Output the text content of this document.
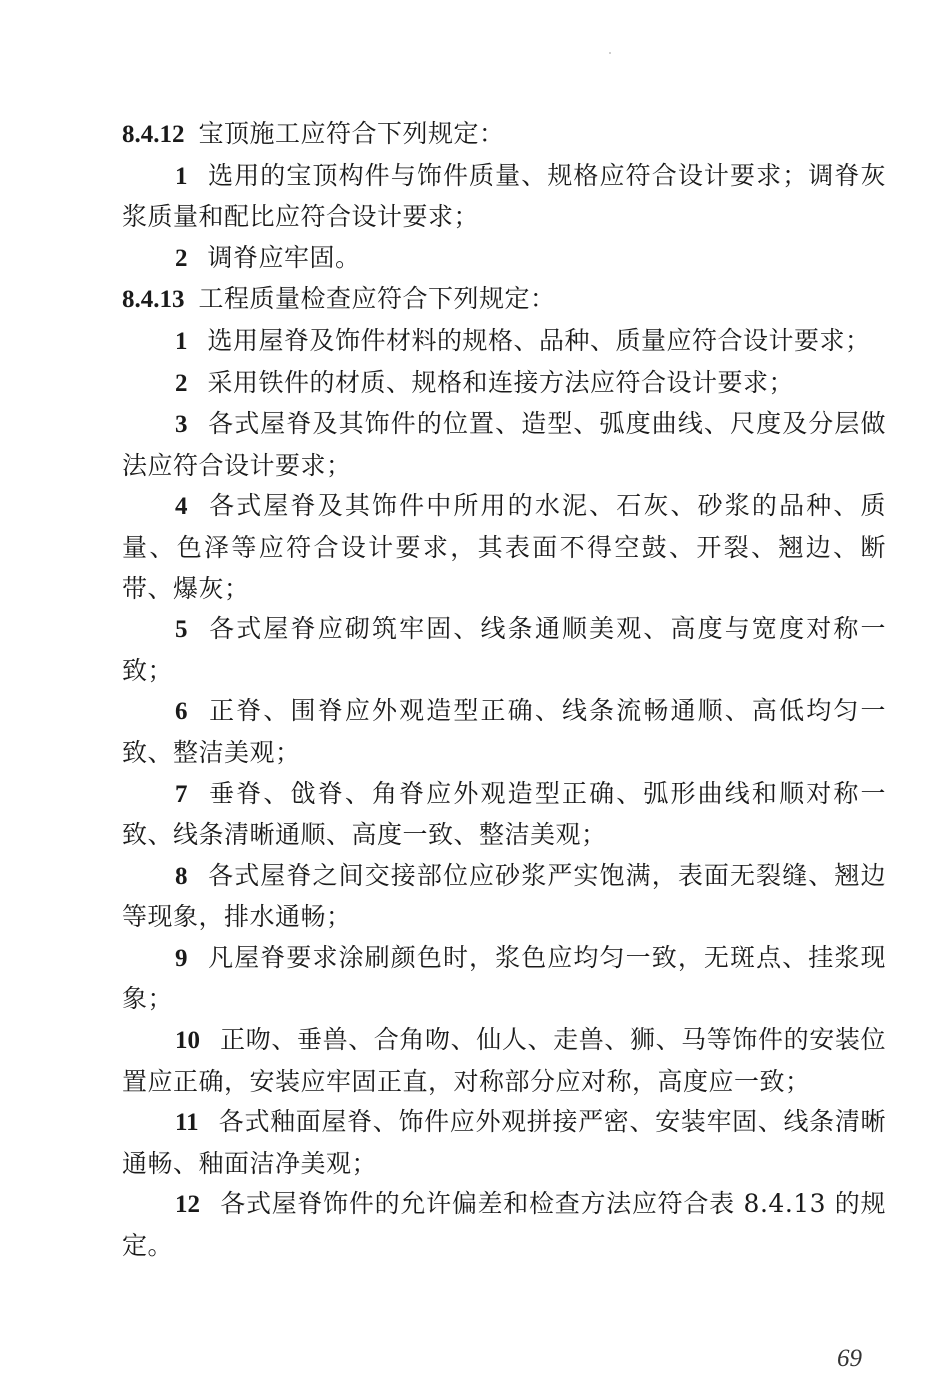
8.4.12 宝顶施工应符合下列规定：

1 选用的宝顶构件与饰件质量、规格应符合设计要求；调脊灰浆质量和配比应符合设计要求；

2 调脊应牢固。

8.4.13 工程质量检查应符合下列规定：

1 选用屋脊及饰件材料的规格、品种、质量应符合设计要求；

2 采用铁件的材质、规格和连接方法应符合设计要求；

3 各式屋脊及其饰件的位置、造型、弧度曲线、尺度及分层做法应符合设计要求；

4 各式屋脊及其饰件中所用的水泥、石灰、砂浆的品种、质量、色泽等应符合设计要求，其表面不得空鼓、开裂、翘边、断带、爆灰；

5 各式屋脊应砌筑牢固、线条通顺美观、高度与宽度对称一致；

6 正脊、围脊应外观造型正确、线条流畅通顺、高低均匀一致、整洁美观；

7 垂脊、戗脊、角脊应外观造型正确、弧形曲线和顺对称一致、线条清晰通顺、高度一致、整洁美观；

8 各式屋脊之间交接部位应砂浆严实饱满，表面无裂缝、翘边等现象，排水通畅；

9 凡屋脊要求涂刷颜色时，浆色应均匀一致，无斑点、挂浆现象；

10 正吻、垂兽、合角吻、仙人、走兽、狮、马等饰件的安装位置应正确，安装应牢固正直，对称部分应对称，高度应一致；

11 各式釉面屋脊、饰件应外观拼接严密、安装牢固、线条清晰通畅、釉面洁净美观；

12 各式屋脊饰件的允许偏差和检查方法应符合表 8.4.13 的规定。

69
